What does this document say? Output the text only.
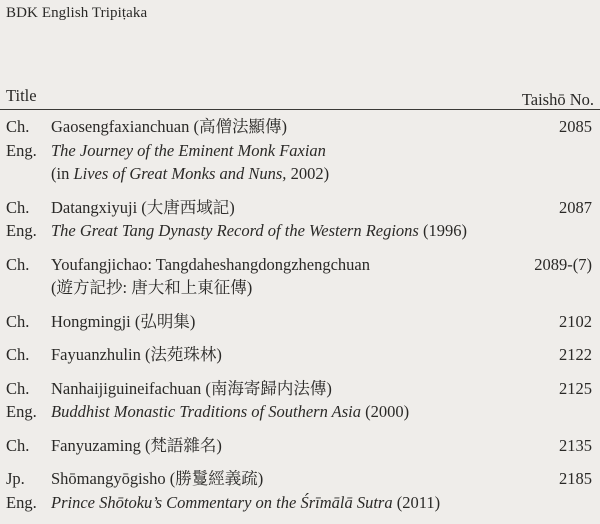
BDK English Tripiṭaka
Title	Taishō No.
Ch. Gaosengfaxianchuan (高僧法顯傳)	2085
Eng. The Journey of the Eminent Monk Faxian
(in Lives of Great Monks and Nuns, 2002)
Ch. Datangxiyuji (大唐西域記)	2087
Eng. The Great Tang Dynasty Record of the Western Regions (1996)
Ch. Youfangjichao: Tangdaheshangdongzhengchuan	2089-(7)
(遊方記抄: 唐大和上東征傳)
Ch. Hongmingji (弘明集)	2102
Ch. Fayuanzhulin (法苑珠林)	2122
Ch. Nanhaijiguineifachuan (南海寄歸内法傳)	2125
Eng. Buddhist Monastic Traditions of Southern Asia (2000)
Ch. Fanyuzaming (梵語雜名)	2135
Jp. Shōmangyōgisho (勝鬘經義疏)	2185
Eng. Prince Shōtoku’s Commentary on the Śrīmālā Sutra (2011)
